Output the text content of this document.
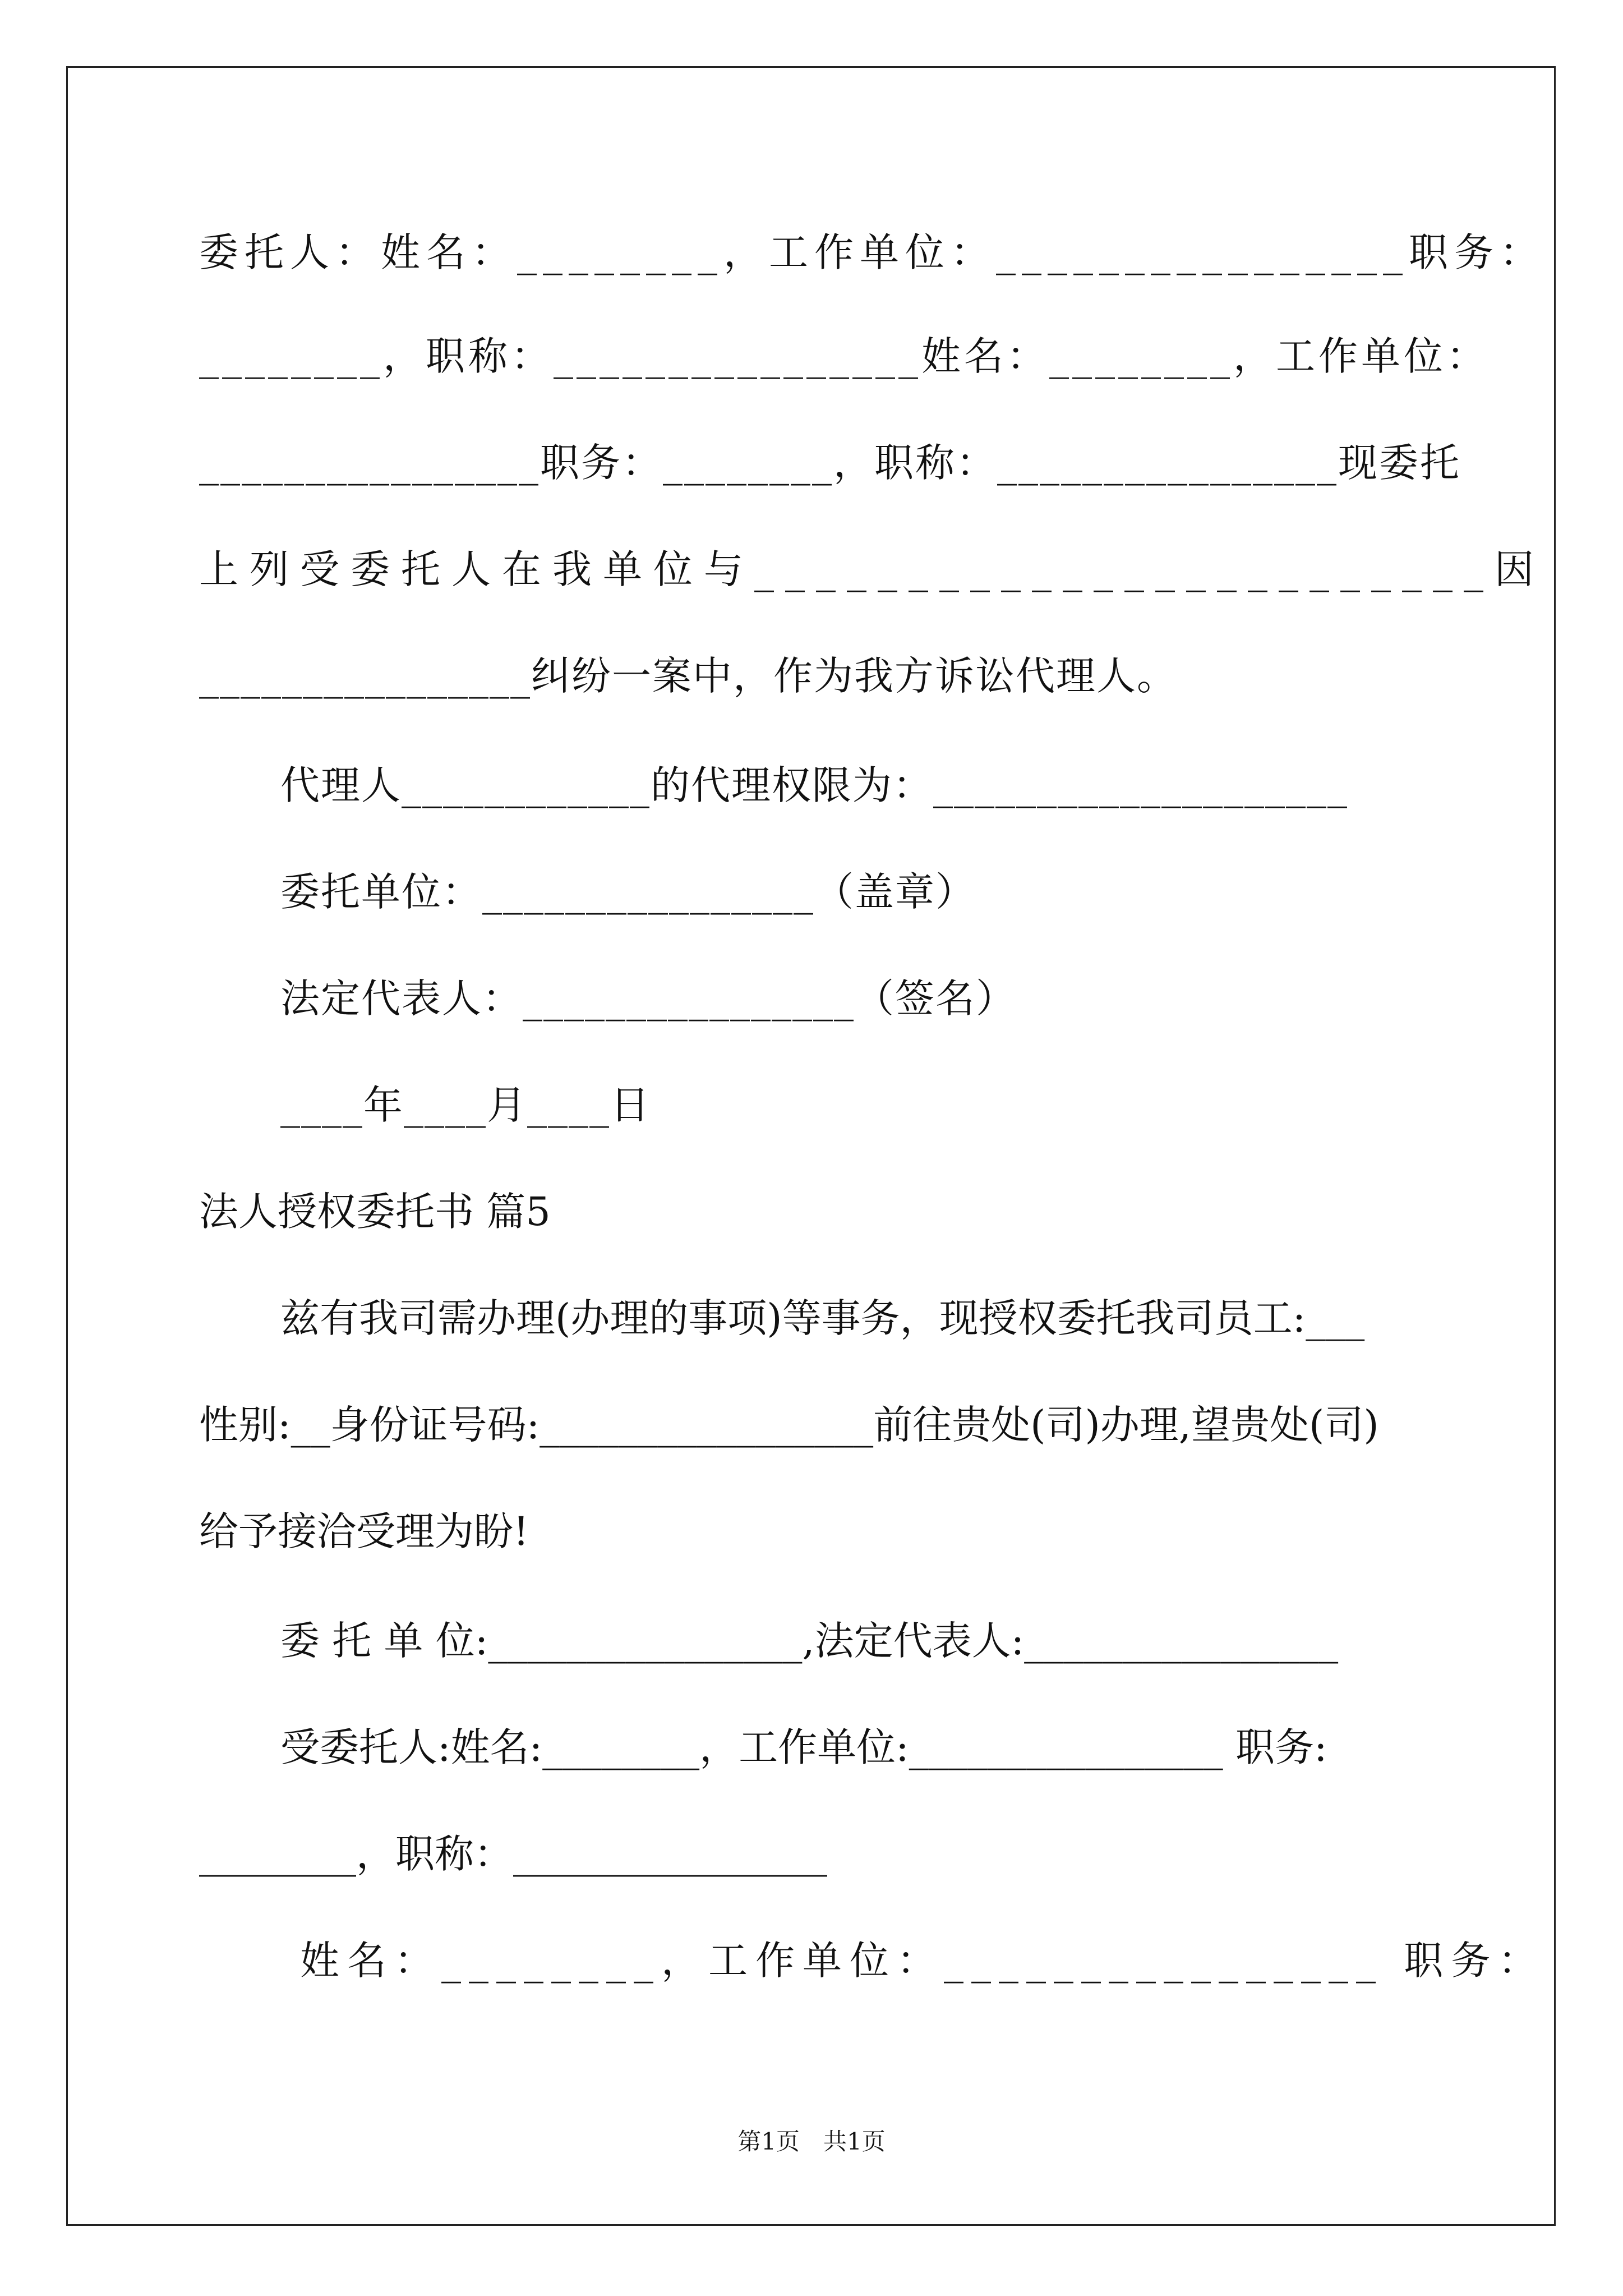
委托人：姓名：________，工作单位：________________职务：
________，职称：________________姓名：________，工作单位：
________________职务：________，职称：________________现委托
上列受委托人在我单位与________________________因
________________纠纷一案中，作为我方诉讼代理人。
代理人____________的代理权限为：____________________
委托单位：________________（盖章）
法定代表人：________________（签名）
____年____月____日
法人授权委托书 篇5
兹有我司需办理(办理的事项)等事务，现授权委托我司员工:___
性别:__身份证号码:_________________前往贵处(司)办理,望贵处(司)
给予接洽受理为盼!
委 托 单 位:________________,法定代表人:________________
受委托人:姓名:________，工作单位:________________ 职务:
________，职称：________________
姓名：________，工作单位：________________ 职务：
第1页　共1页
